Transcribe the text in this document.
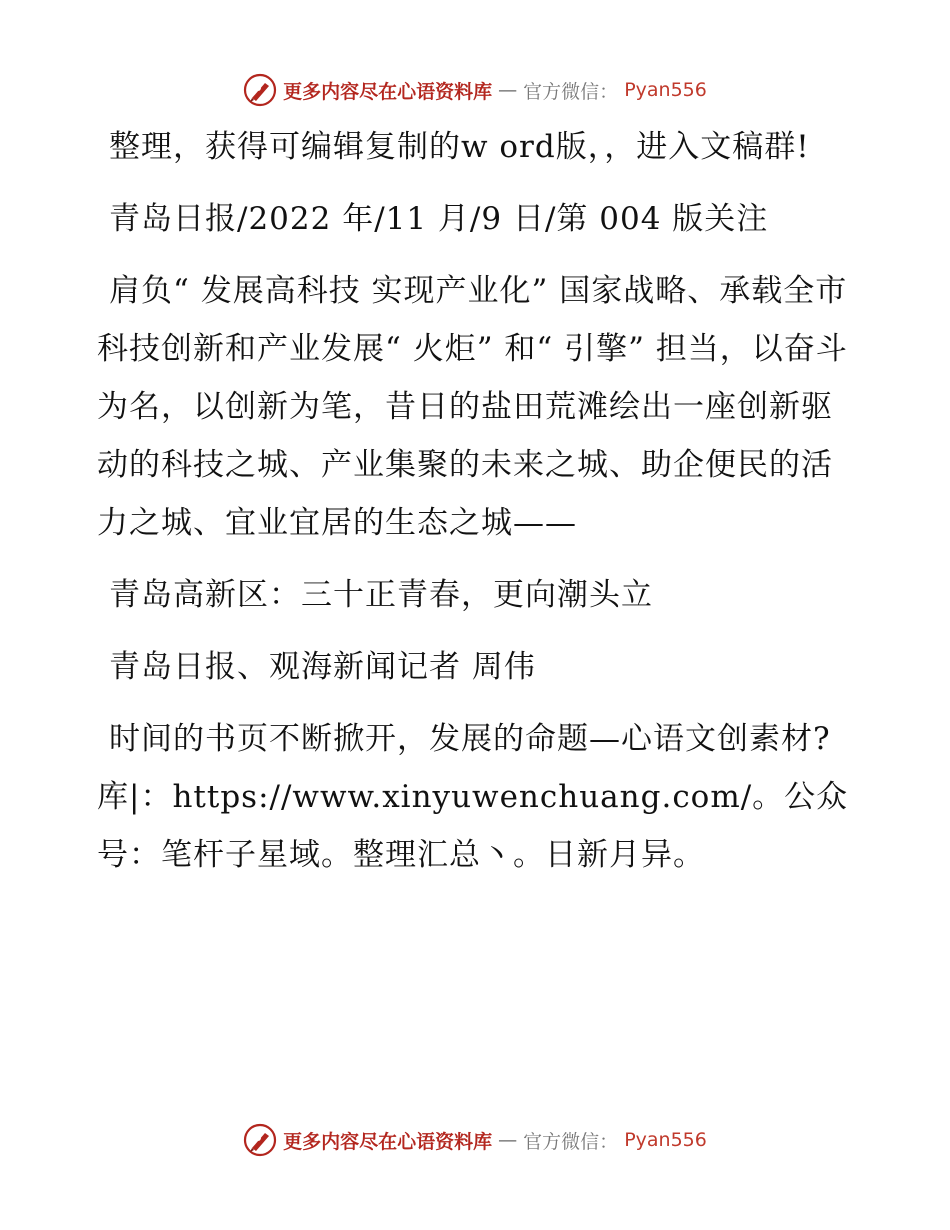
更多内容尽在心语资料库 — 官方微信： Pyan556

整理，获得可编辑复制的w ord版，，进入文稿群!

青岛日报/2022 年/11 月/9 日/第 004 版关注

肩负“ 发展高科技 实现产业化” 国家战略、承载全市科技创新和产业发展“ 火炬” 和“ 引擎” 担当，以奋斗为名，以创新为笔，昔日的盐田荒滩绘出一座创新驱动的科技之城、产业集聚的未来之城、助企便民的活力之城、宜业宜居的生态之城——

青岛高新区：三十正青春，更向潮头立

青岛日报、观海新闻记者 周伟

时间的书页不断掀开，发展的命题—心语文创素材?库|：https://www.xinyuwenchuang.com/。公众号：笔杆子星域。整理汇总丶。日新月异。

更多内容尽在心语资料库 — 官方微信： Pyan556
